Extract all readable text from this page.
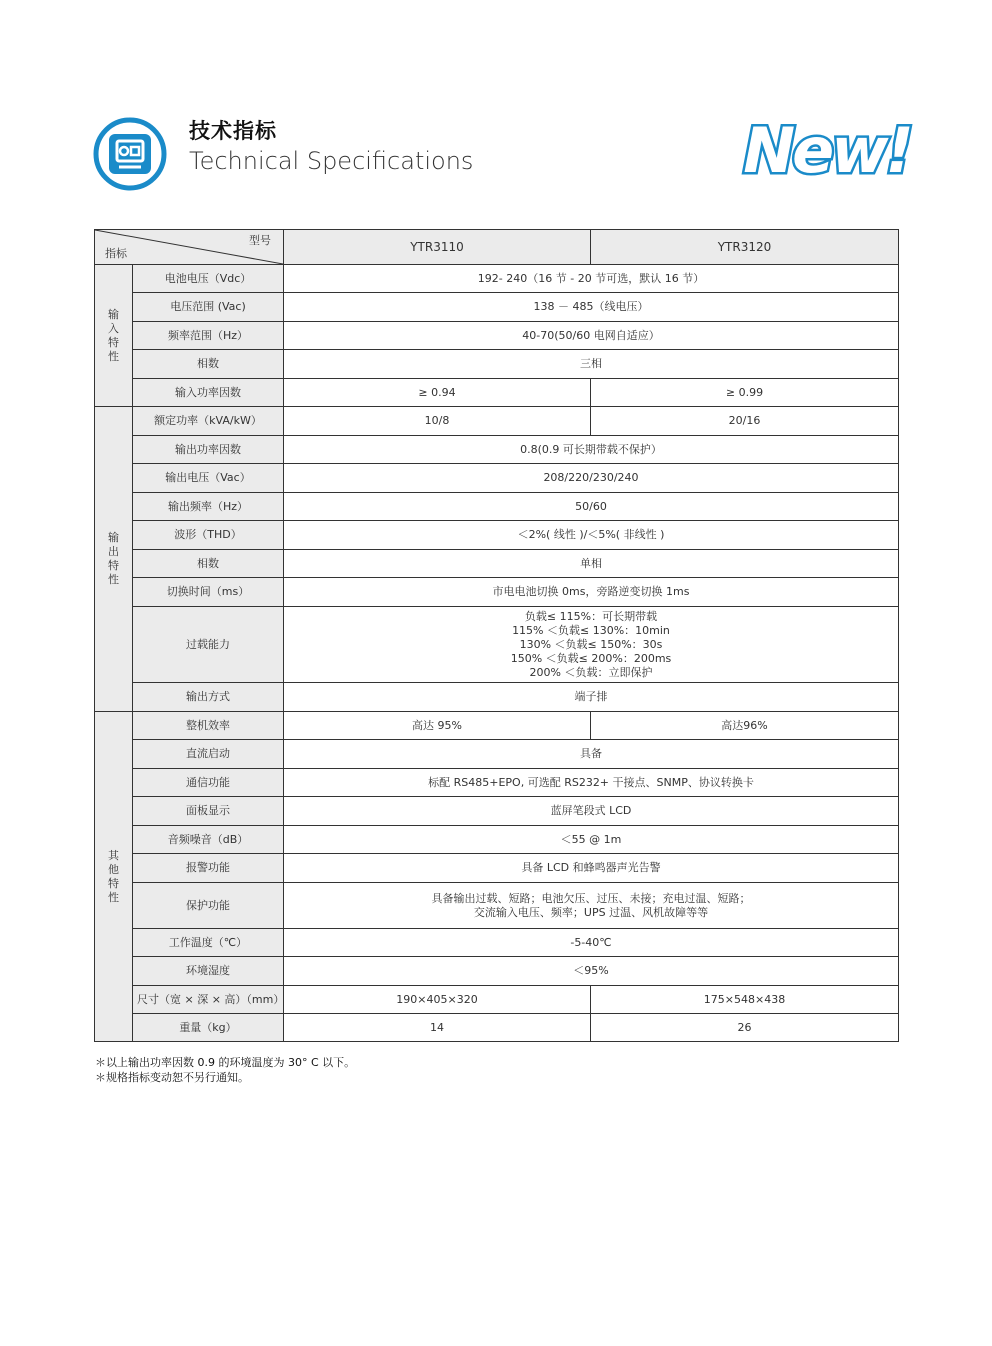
技术指标
Technical Specifications	New!
型号
指标		YTR3110	YTR3120
输入特性	电池电压（Vdc）	192- 240（16 节 - 20 节可选，默认 16 节）	
	电压范围 (Vac)	138 － 485（线电压）	
	频率范围（Hz）	40-70(50/60 电网自适应）	
	相数	三相	
	输入功率因数	≥ 0.94	≥ 0.99
输出特性	额定功率（kVA/kW）	10/8	20/16
	输出功率因数	0.8(0.9 可长期带载不保护）	
	输出电压（Vac）	208/220/230/240	
	输出频率（Hz）	50/60	
	波形（THD）	＜2%( 线性 )/＜5%( 非线性 )	
	相数	单相	
	切换时间（ms）	市电电池切换 0ms，旁路逆变切换 1ms	
	过载能力	负载≤ 115%：可长期带载
115% ＜负载≤ 130%：10min
130% ＜负载≤ 150%：30s
150% ＜负载≤ 200%：200ms
200% ＜负载：立即保护	

	输出方式	端子排	
其他特性	整机效率	高达 95%	高达96%
	直流启动	具备	
	通信功能	标配 RS485+EPO, 可选配 RS232+ 干接点、SNMP、协议转换卡	
	面板显示	蓝屏笔段式 LCD	
	音频噪音（dB）	＜55 @ 1m	
	报警功能	具备 LCD 和蜂鸣器声光告警	
	保护功能	具备输出过载、短路；电池欠压、过压、未接；充电过温、短路；
交流输入电压、频率；UPS 过温、风机故障等等	

	工作温度（℃）	-5-40℃	
	环境湿度	＜95%	
	尺寸（宽 × 深 × 高）（mm）	190×405×320	175×548×438
	重量（kg）	14	26
＊以上输出功率因数 0.9 的环境温度为 30° C 以下。
＊规格指标变动恕不另行通知。
